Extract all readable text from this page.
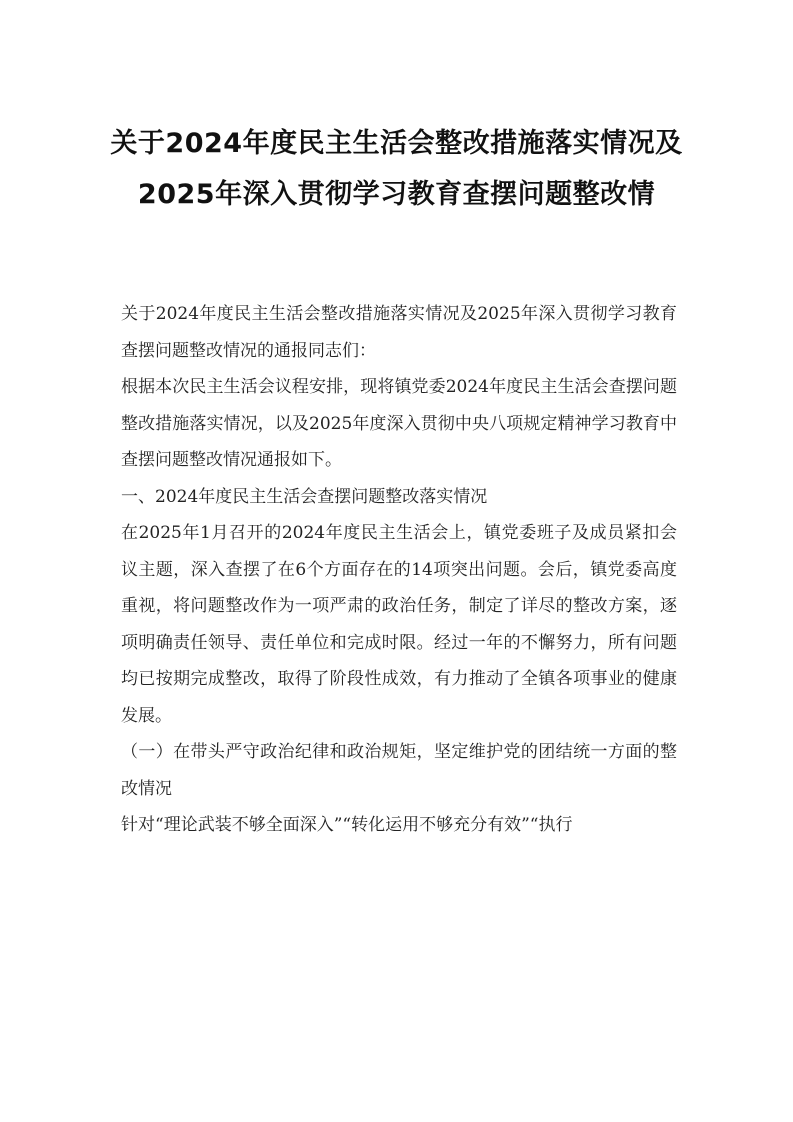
关于2024年度民主生活会整改措施落实情况及2025年深入贯彻学习教育查摆问题整改情

关于2024年度民主生活会整改措施落实情况及2025年深入贯彻学习教育查摆问题整改情况的通报同志们：

根据本次民主生活会议程安排，现将镇党委2024年度民主生活会查摆问题整改措施落实情况，以及2025年度深入贯彻中央八项规定精神学习教育中查摆问题整改情况通报如下。

一、2024年度民主生活会查摆问题整改落实情况

在2025年1月召开的2024年度民主生活会上，镇党委班子及成员紧扣会议主题，深入查摆了在6个方面存在的14项突出问题。会后，镇党委高度重视，将问题整改作为一项严肃的政治任务，制定了详尽的整改方案，逐项明确责任领导、责任单位和完成时限。经过一年的不懈努力，所有问题均已按期完成整改，取得了阶段性成效，有力推动了全镇各项事业的健康发展。

（一）在带头严守政治纪律和政治规矩，坚定维护党的团结统一方面的整改情况

针对“理论武装不够全面深入”“转化运用不够充分有效”“执行
